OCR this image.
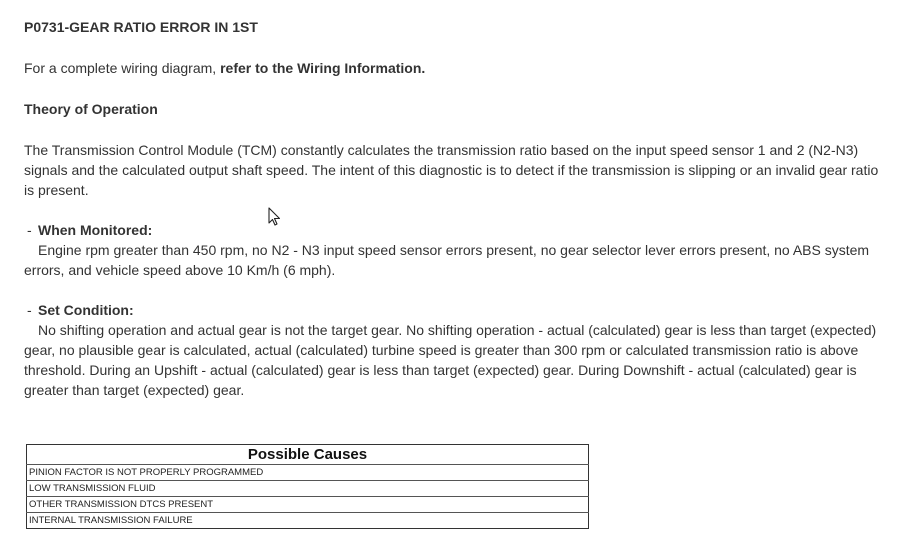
P0731-GEAR RATIO ERROR IN 1ST

For a complete wiring diagram, refer to the Wiring Information.

Theory of Operation

The Transmission Control Module (TCM) constantly calculates the transmission ratio based on the input speed sensor 1 and 2 (N2-N3)

signals and the calculated output shaft speed. The intent of this diagnostic is to detect if the transmission is slipping or an invalid gear ratio

is present.

- When Monitored:

Engine rpm greater than 450 rpm, no N2 - N3 input speed sensor errors present, no gear selector lever errors present, no ABS system

errors, and vehicle speed above 10 Km/h (6 mph).

- Set Condition:

No shifting operation and actual gear is not the target gear. No shifting operation - actual (calculated) gear is less than target (expected)

gear, no plausible gear is calculated, actual (calculated) turbine speed is greater than 300 rpm or calculated transmission ratio is above

threshold. During an Upshift - actual (calculated) gear is less than target (expected) gear. During Downshift - actual (calculated) gear is

greater than target (expected) gear.

Possible Causes
PINION FACTOR IS NOT PROPERLY PROGRAMMED
LOW TRANSMISSION FLUID
OTHER TRANSMISSION DTCS PRESENT
INTERNAL TRANSMISSION FAILURE
